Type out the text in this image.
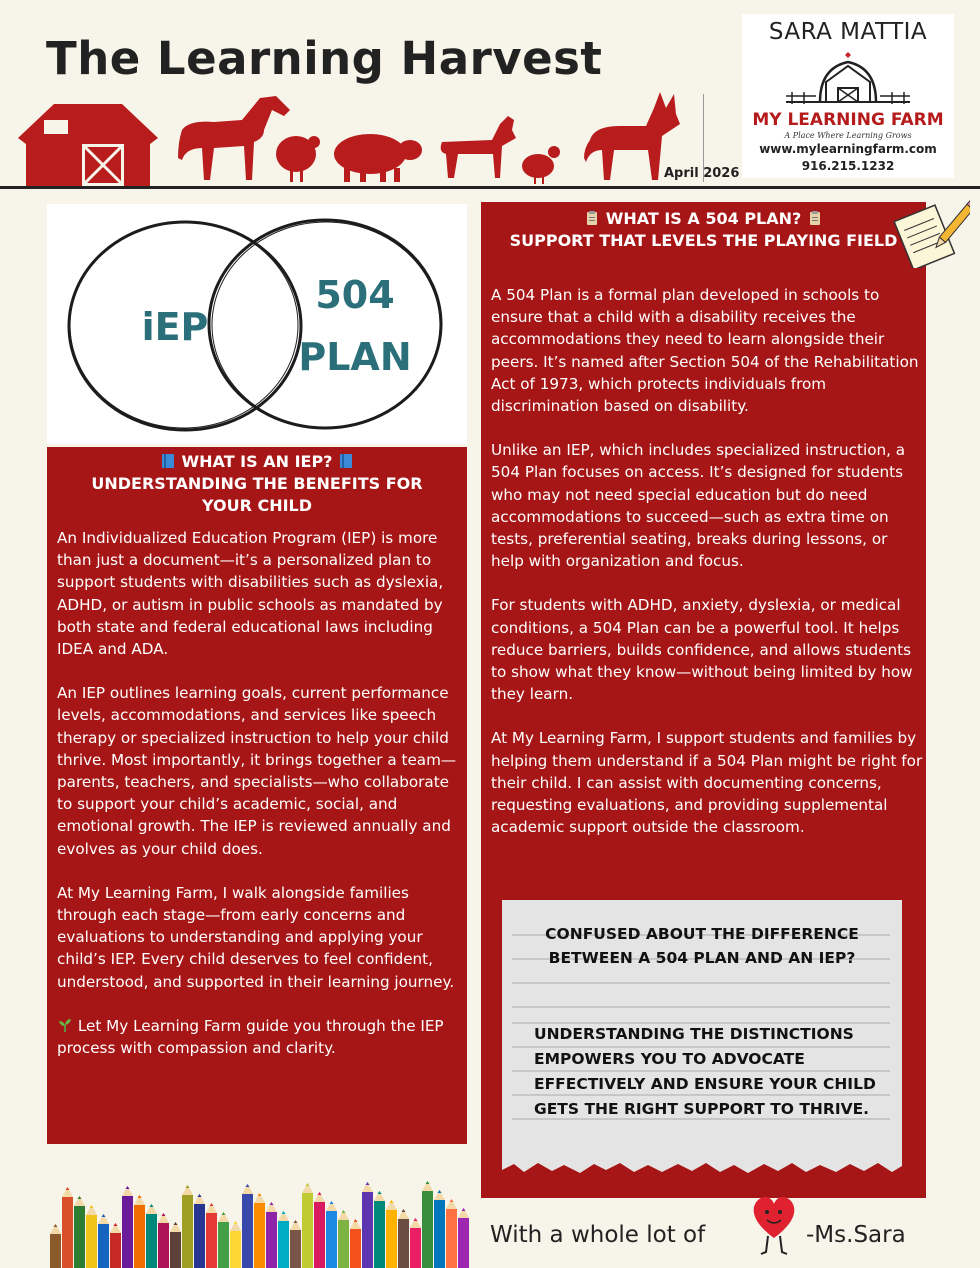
The Learning Harvest
April 2026
SARA MATTIA
MY LEARNING FARM
A Place Where Learning Grows
www.mylearningfarm.com
916.215.1232
iEP
504
PLAN
WHAT IS AN IEP?
UNDERSTANDING THE BENEFITS FOR YOUR CHILD

An Individualized Education Program (IEP) is more than just a document—it’s a personalized plan to support students with disabilities such as dyslexia, ADHD, or autism in public schools as mandated by both state and federal educational laws including IDEA and ADA.

An IEP outlines learning goals, current performance levels, accommodations, and services like speech therapy or specialized instruction to help your child thrive. Most importantly, it brings together a team—parents, teachers, and specialists—who collaborate to support your child’s academic, social, and emotional growth. The IEP is reviewed annually and evolves as your child does.

At My Learning Farm, I walk alongside families through each stage—from early concerns and evaluations to understanding and applying your child’s IEP. Every child deserves to feel confident, understood, and supported in their learning journey.

Let My Learning Farm guide you through the IEP process with compassion and clarity.

WHAT IS A 504 PLAN?
SUPPORT THAT LEVELS THE PLAYING FIELD

A 504 Plan is a formal plan developed in schools to ensure that a child with a disability receives the accommodations they need to learn alongside their peers. It’s named after Section 504 of the Rehabilitation Act of 1973, which protects individuals from discrimination based on disability.

Unlike an IEP, which includes specialized instruction, a 504 Plan focuses on access. It’s designed for students who may not need special education but do need accommodations to succeed—such as extra time on tests, preferential seating, breaks during lessons, or help with organization and focus.

For students with ADHD, anxiety, dyslexia, or medical conditions, a 504 Plan can be a powerful tool. It helps reduce barriers, builds confidence, and allows students to show what they know—without being limited by how they learn.

At My Learning Farm, I support students and families by helping them understand if a 504 Plan might be right for their child. I can assist with documenting concerns, requesting evaluations, and providing supplemental academic support outside the classroom.

CONFUSED ABOUT THE DIFFERENCE BETWEEN A 504 PLAN AND AN IEP?
UNDERSTANDING THE DISTINCTIONS EMPOWERS YOU TO ADVOCATE EFFECTIVELY AND ENSURE YOUR CHILD GETS THE RIGHT SUPPORT TO THRIVE.
With a whole lot of	-Ms.Sara
